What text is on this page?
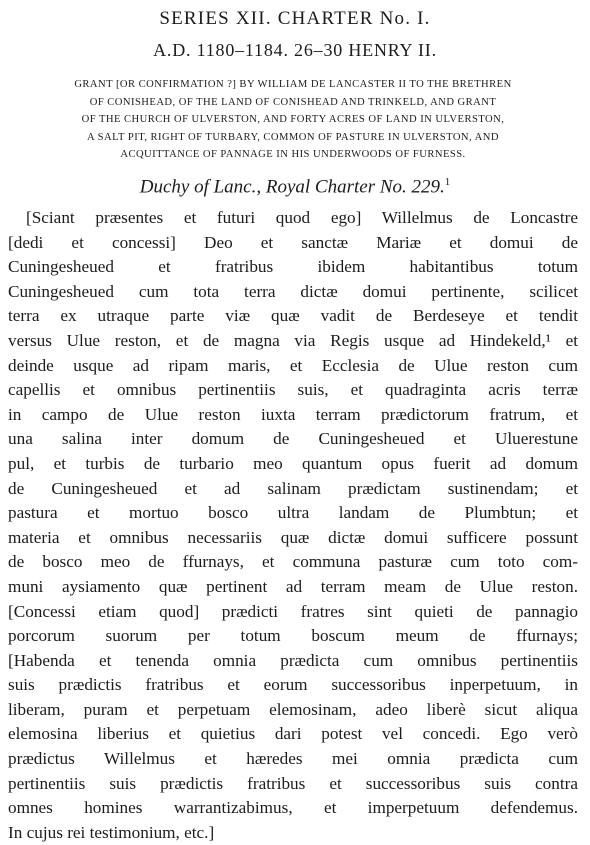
SERIES XII. CHARTER No. I.
A.D. 1180–1184. 26–30 HENRY II.
GRANT [OR CONFIRMATION ?] BY WILLIAM DE LANCASTER II TO THE BRETHREN
OF CONISHEAD, OF THE LAND OF CONISHEAD AND TRINKELD, AND GRANT
OF THE CHURCH OF ULVERSTON, AND FORTY ACRES OF LAND IN ULVERSTON,
A SALT PIT, RIGHT OF TURBARY, COMMON OF PASTURE IN ULVERSTON, AND
ACQUITTANCE OF PANNAGE IN HIS UNDERWOODS OF FURNESS.
Duchy of Lanc., Royal Charter No. 229.$^1$
[Sciant præsentes et futuri quod ego] Willelmus de Loncastre
[dedi et concessi] Deo et sanctæ Mariæ et domui de
Cuningesheued et fratribus ibidem habitantibus totum
Cuningesheued cum tota terra dictæ domui pertinente, scilicet
terra ex utraque parte viæ quæ vadit de Berdeseye et tendit
versus Ulue reston, et de magna via Regis usque ad Hindekeld,¹ et
deinde usque ad ripam maris, et Ecclesia de Ulue reston cum
capellis et omnibus pertinentiis suis, et quadraginta acris terræ
in campo de Ulue reston iuxta terram prædictorum fratrum, et
una salina inter domum de Cuningesheued et Uluerestune
pul, et turbis de turbario meo quantum opus fuerit ad domum
de Cuningesheued et ad salinam prædictam sustinendam; et
pastura et mortuo bosco ultra landam de Plumbtun; et
materia et omnibus necessariis quæ dictæ domui sufficere possunt
de bosco meo de ffurnays, et communa pasturæ cum toto com-
muni aysiamento quæ pertinent ad terram meam de Ulue reston.
[Concessi etiam quod] prædicti fratres sint quieti de pannagio
porcorum suorum per totum boscum meum de ffurnays;
[Habenda et tenenda omnia prædicta cum omnibus pertinentiis
suis prædictis fratribus et eorum successoribus inperpetuum, in
liberam, puram et perpetuam elemosinam, adeo liberè sicut aliqua
elemosina liberius et quietius dari potest vel concedi. Ego verò
prædictus Willelmus et hæredes mei omnia prædicta cum
pertinentiis suis prædictis fratribus et successoribus suis contra
omnes homines warrantizabimus, et imperpetuum defendemus.
In cujus rei testimonium, etc.]
